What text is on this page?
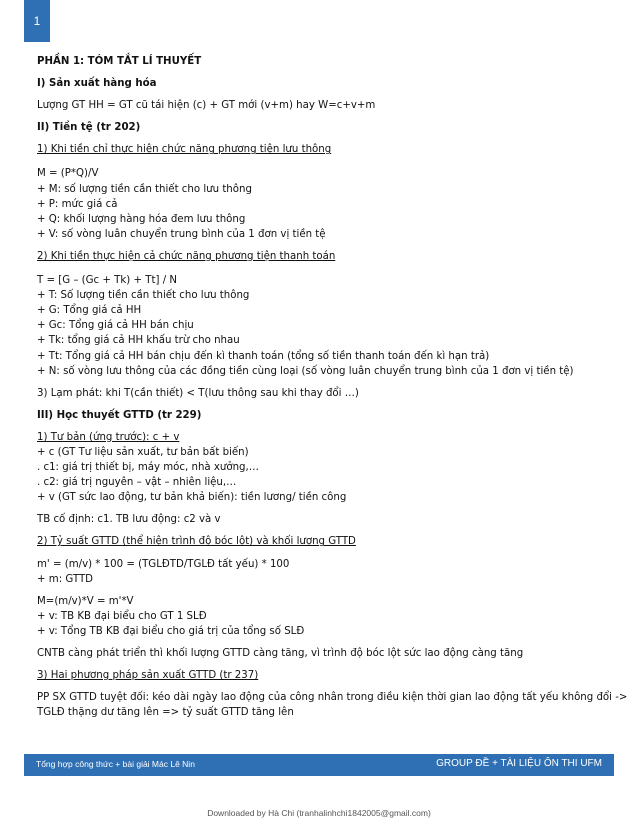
1

PHẦN 1: TÓM TẮT LÍ THUYẾT

I) Sản xuất hàng hóa

Lượng GT HH = GT cũ tái hiện (c) + GT mới (v+m) hay W=c+v+m

II) Tiền tệ (tr 202)

1) Khi tiền chỉ thực hiện chức năng phương tiện lưu thông

M = (P*Q)/V

+ M: số lượng tiền cần thiết cho lưu thông

+ P: mức giá cả

+ Q: khối lượng hàng hóa đem lưu thông

+ V: số vòng luân chuyển trung bình của 1 đơn vị tiền tệ

2) Khi tiền thực hiện cả chức năng phương tiện thanh toán

T = [G – (Gc + Tk) + Tt] / N

+ T: Số lượng tiền cần thiết cho lưu thông

+ G: Tổng giá cả HH

+ Gc: Tổng giá cả HH bán chịu

+ Tk: tổng giá cả HH khấu trừ cho nhau

+ Tt: Tổng giá cả HH bán chịu đến kì thanh toán (tổng số tiền thanh toán đến kì hạn trả)

+ N: số vòng lưu thông của các đồng tiền cùng loại (số vòng luân chuyển trung bình của 1 đơn vị tiền tệ)

3) Lạm phát: khi T(cần thiết) < T(lưu thông sau khi thay đổi …)

III) Học thuyết GTTD (tr 229)

1) Tư bản (ứng trước): c + v

+ c (GT Tư liệu sản xuất, tư bản bất biến)

. c1: giá trị thiết bị, máy móc, nhà xưởng,…

. c2: giá trị nguyên – vật – nhiên liệu,…

+ v (GT sức lao động, tư bản khả biến): tiền lương/ tiền công

TB cố định: c1. TB lưu động: c2 và v

2) Tỷ suất GTTD (thể hiện trình độ bóc lột) và khối lượng GTTD

m' = (m/v) * 100 = (TGLĐTD/TGLĐ tất yếu) * 100

+ m: GTTD

M=(m/v)*V = m'*V

+ v: TB KB đại biểu cho GT 1 SLĐ

+ v: Tổng TB KB đại biểu cho giá trị của tổng số SLĐ

CNTB càng phát triển thì khối lượng GTTD càng tăng, vì trình độ bóc lột sức lao động càng tăng

3) Hai phương pháp sản xuất GTTD (tr 237)

PP SX GTTD tuyệt đối: kéo dài ngày lao động của công nhân trong điều kiện thời gian lao động tất yếu không đổi ->

TGLĐ thặng dư tăng lên => tỷ suất GTTD tăng lên

Tổng hợp công thức + bài giải Mác Lê Nin	GROUP ĐỀ + TÀI LIỆU ÔN THI UFM
Downloaded by Hà Chi (tranhalinhchi1842005@gmail.com)
